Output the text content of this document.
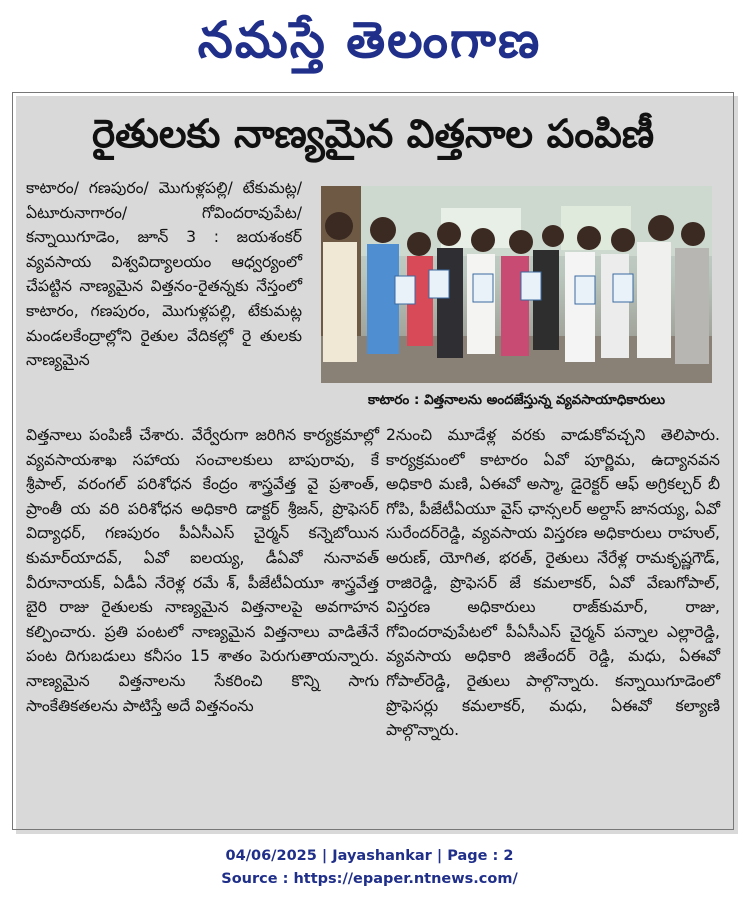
నమస్తే తెలంగాణ
రైతులకు నాణ్యమైన విత్తనాల పంపిణీ

కాటారం/ గణపురం/ మొగుళ్లపల్లి/ టేకుమట్ల/ ఏటూరునాగారం/ గోవిందరావుపేట/కన్నాయిగూడెం, జూన్ 3 : జయశంకర్ వ్యవసాయ విశ్వవిద్యాలయం ఆధ్వర్యంలో చేపట్టిన నాణ్యమైన విత్తనం-రైతన్నకు నేస్తంలో కాటారం, గణపురం, మొగుళ్లపల్లి, టేకుమట్ల మండలకేంద్రాల్లోని రైతుల వేదికల్లో రై తులకు నాణ్యమైన

కాటారం : విత్తనాలను అందజేస్తున్న వ్యవసాయాధికారులు

విత్తనాలు పంపిణీ చేశారు. వేర్వేరుగా జరిగిన కార్యక్రమాల్లో వ్యవసాయశాఖ సహాయ సంచాలకులు బాపురావు, కే శ్రీపాల్, వరంగల్ పరిశోధన కేంద్రం శాస్త్రవేత్త వై ప్రశాంత్, ప్రాంతీ య వరి పరిశోధన అధికారి డాక్టర్ శ్రీజన్, ప్రొఫెసర్ విద్యాధర్, గణపురం పీఏసీఎస్ చైర్మన్ కన్నెబోయిన కుమార్‌యాదవ్, ఏవో ఐలయ్య, డీఏవో నునావత్ వీరూనాయక్, ఏడీఏ నేరెళ్ల రమే శ్, పీజేటీఏయూ శాస్త్రవేత్త బైరి రాజు రైతులకు నాణ్యమైన విత్తనాలపై అవగాహన కల్పించారు. ప్రతి పంటలో నాణ్యమైన విత్తనాలు వాడితేనే పంట దిగుబడులు కనీసం 15 శాతం పెరుగుతాయన్నారు. నాణ్యమైన విత్తనాలను సేకరించి కొన్ని సాగు సాంకేతికతలను పాటిస్తే అదే విత్తనంను

2నుంచి మూడేళ్ల వరకు వాడుకోవచ్చని తెలిపారు. కార్యక్రమంలో కాటారం ఏవో పూర్ణిమ, ఉద్యానవన అధికారి మణి, ఏఈవో అస్మా, డైరెక్టర్ ఆఫ్ అగ్రికల్చర్ బీ గోపి, పీజేటీఏయూ వైస్ ఛాన్సలర్ అల్దాస్ జానయ్య, ఏవో సురేందర్‌రెడ్డి, వ్యవసాయ విస్తరణ అధికారులు రాహుల్, అరుణ్, యోగిత, భరత్, రైతులు నేరేళ్ల రామకృష్ణగౌడ్, రాజిరెడ్డి, ప్రొఫెసర్ జే కమలాకర్, ఏవో వేణుగోపాల్, విస్తరణ అధికారులు రాజ్‌కుమార్, రాజు, గోవిందరావుపేటలో పీఏసీఎస్ చైర్మన్ పన్నాల ఎల్లారెడ్డి, వ్యవసాయ అధికారి జితేందర్ రెడ్డి, మధు, ఏఈవో గోపాల్‌రెడ్డి, రైతులు పాల్గొన్నారు. కన్నాయిగూడెంలో ప్రొఫెసర్లు కమలాకర్, మధు, ఏఈవో కల్యాణి పాల్గొన్నారు.

04/06/2025 | Jayashankar | Page : 2
Source : https://epaper.ntnews.com/
